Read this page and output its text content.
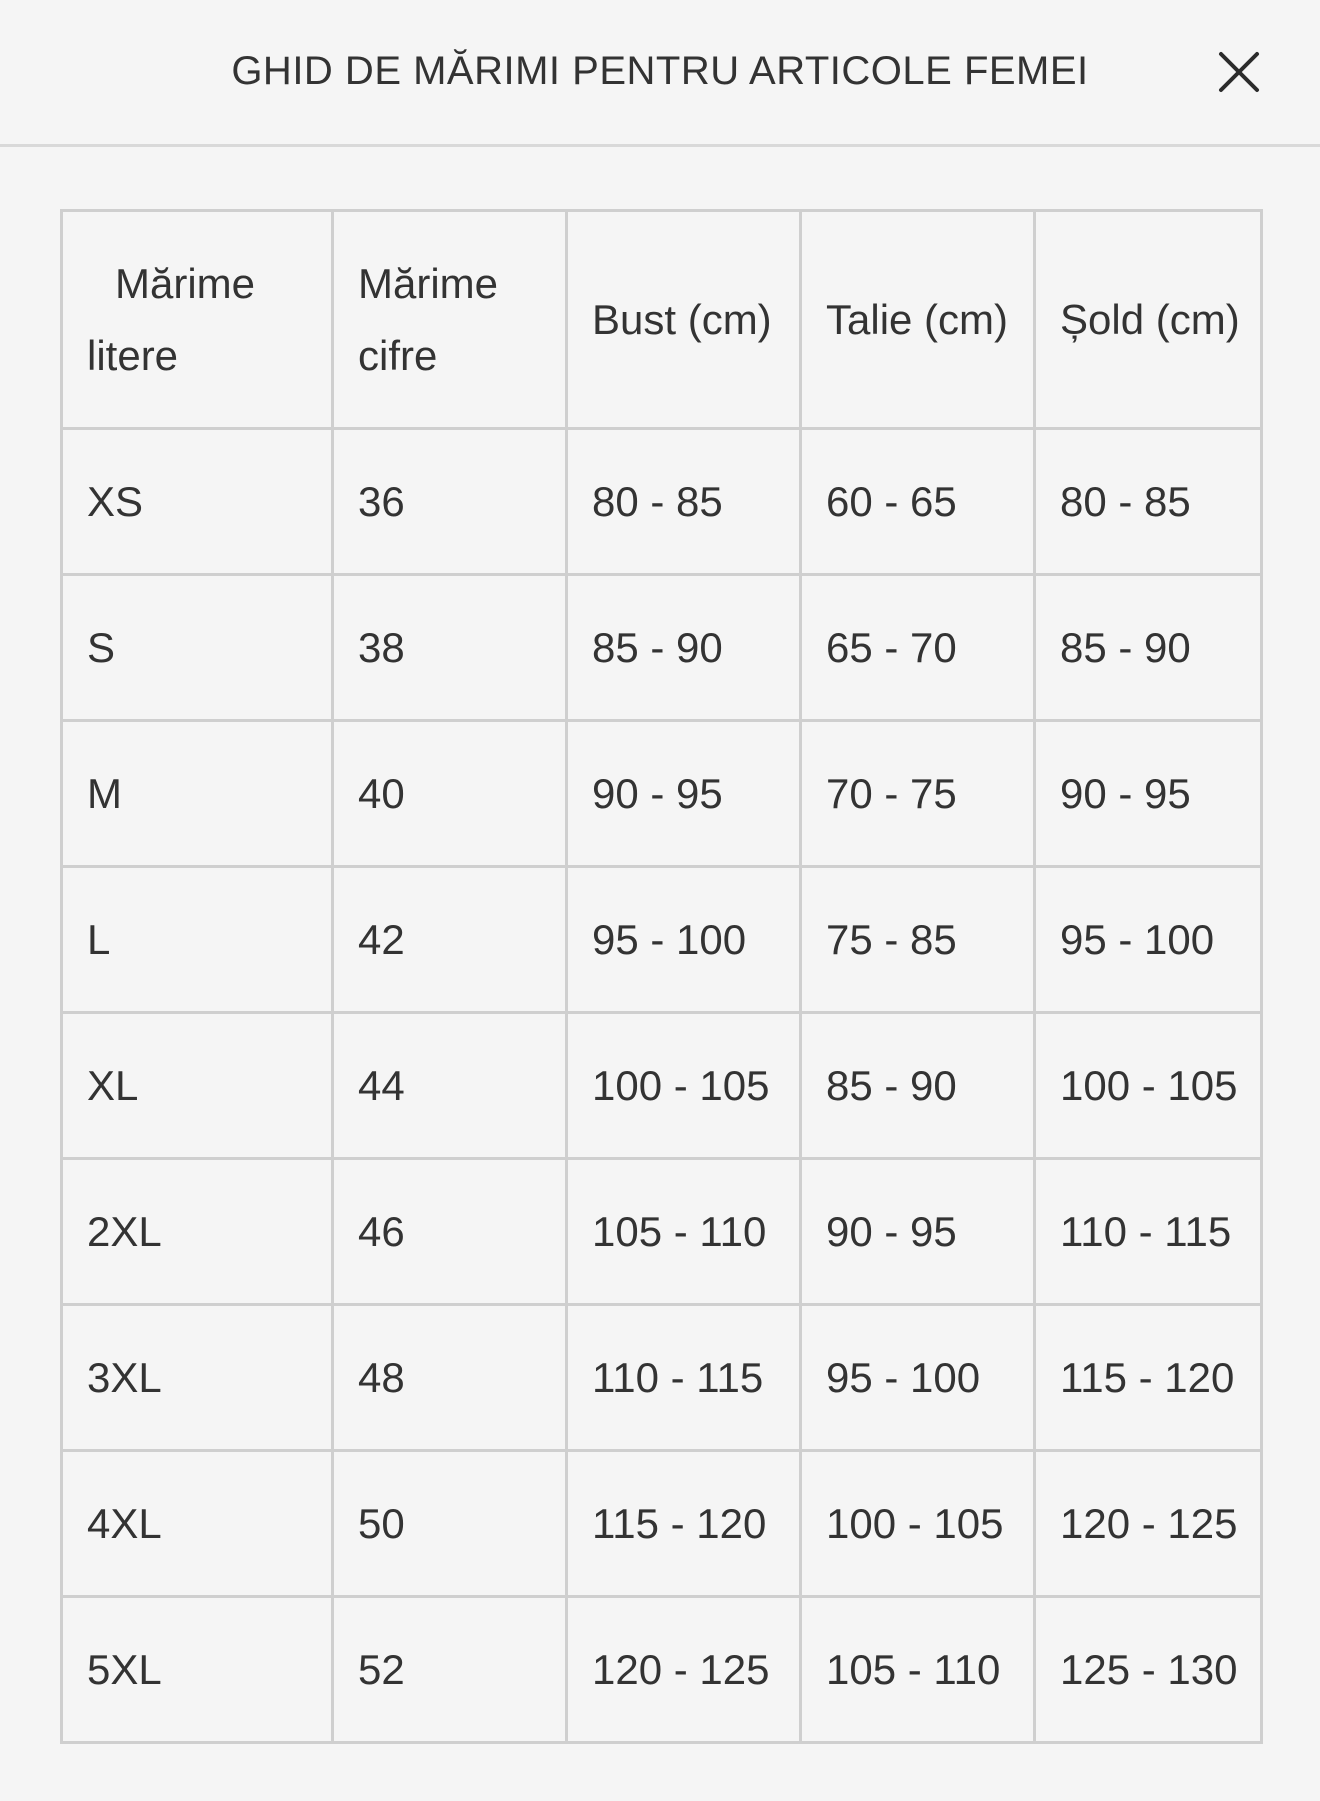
GHID DE MĂRIMI PENTRU ARTICOLE FEMEI
Mărime litere	Mărime cifre	Bust (cm)	Talie (cm)	Șold (cm)
XS	36	80 - 85	60 - 65	80 - 85
S	38	85 - 90	65 - 70	85 - 90
M	40	90 - 95	70 - 75	90 - 95
L	42	95 - 100	75 - 85	95 - 100
XL	44	100 - 105	85 - 90	100 - 105
2XL	46	105 - 110	90 - 95	110 - 115
3XL	48	110 - 115	95 - 100	115 - 120
4XL	50	115 - 120	100 - 105	120 - 125
5XL	52	120 - 125	105 - 110	125 - 130
